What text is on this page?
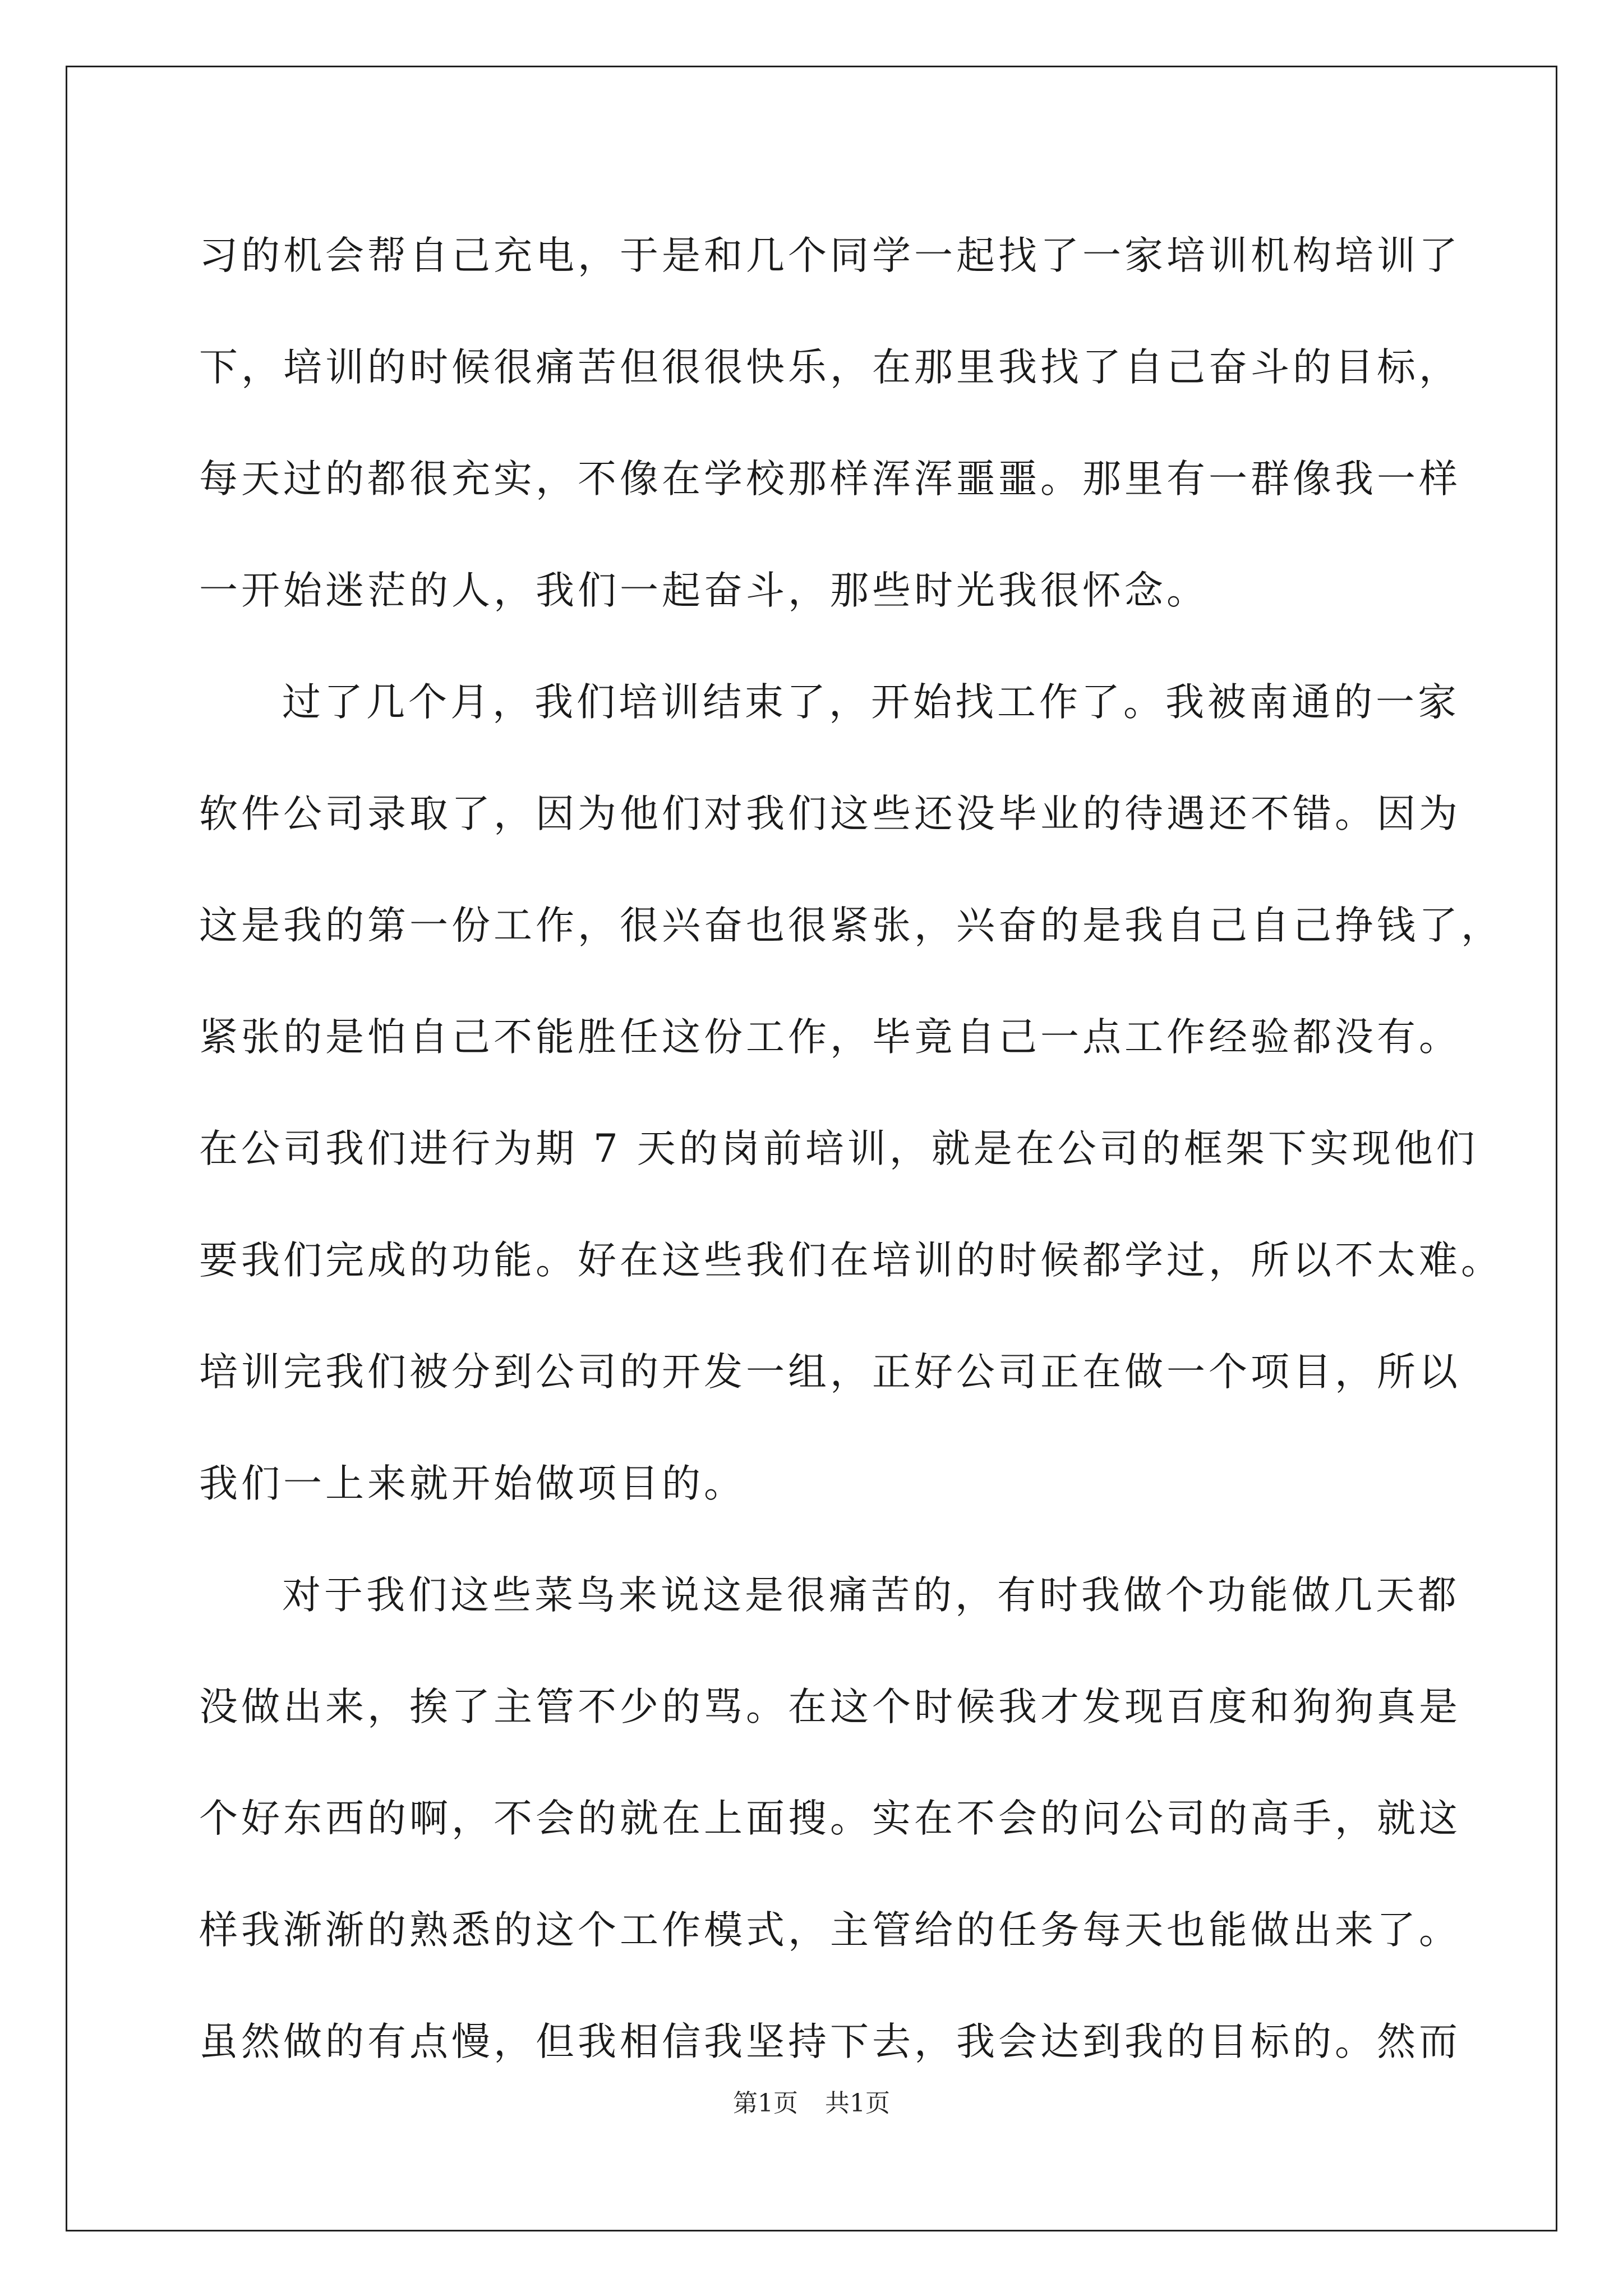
习的机会帮自己充电，于是和几个同学一起找了一家培训机构培训了
下，培训的时候很痛苦但很很快乐，在那里我找了自己奋斗的目标，
每天过的都很充实，不像在学校那样浑浑噩噩。那里有一群像我一样
一开始迷茫的人，我们一起奋斗，那些时光我很怀念。
过了几个月，我们培训结束了，开始找工作了。我被南通的一家
软件公司录取了，因为他们对我们这些还没毕业的待遇还不错。因为
这是我的第一份工作，很兴奋也很紧张，兴奋的是我自己自己挣钱了，
紧张的是怕自己不能胜任这份工作，毕竟自己一点工作经验都没有。
在公司我们进行为期 7 天的岗前培训，就是在公司的框架下实现他们
要我们完成的功能。好在这些我们在培训的时候都学过，所以不太难。
培训完我们被分到公司的开发一组，正好公司正在做一个项目，所以
我们一上来就开始做项目的。
对于我们这些菜鸟来说这是很痛苦的，有时我做个功能做几天都
没做出来，挨了主管不少的骂。在这个时候我才发现百度和狗狗真是
个好东西的啊，不会的就在上面搜。实在不会的问公司的高手，就这
样我渐渐的熟悉的这个工作模式，主管给的任务每天也能做出来了。
虽然做的有点慢，但我相信我坚持下去，我会达到我的目标的。然而
第1页 共1页
